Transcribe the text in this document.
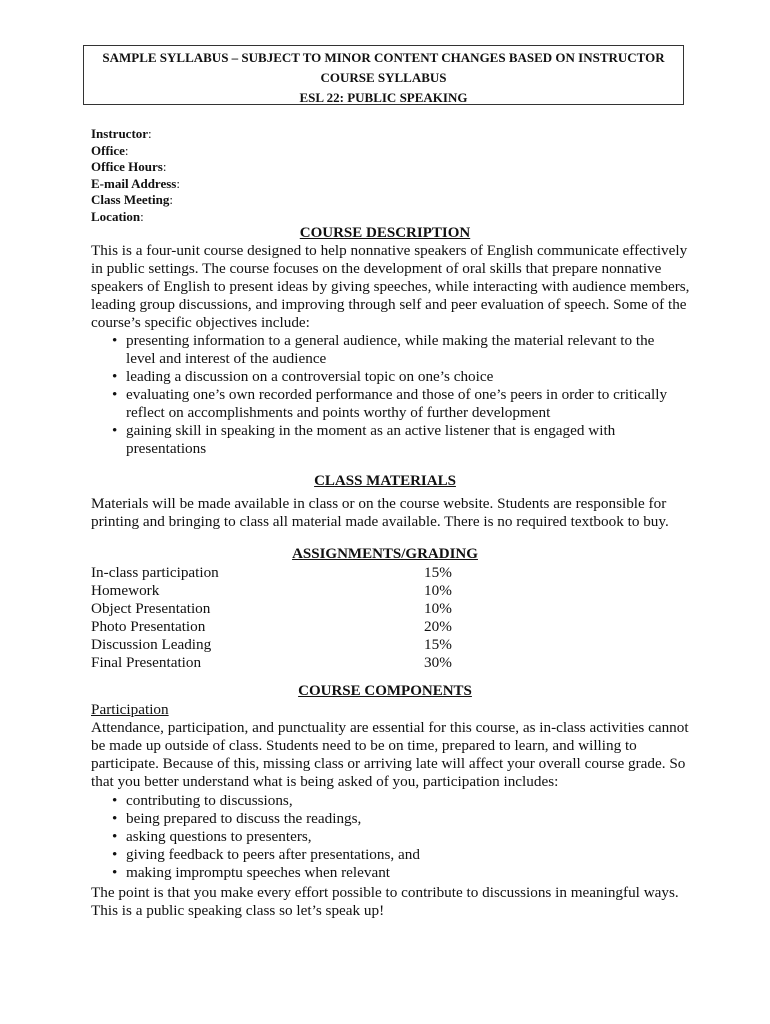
SAMPLE SYLLABUS – SUBJECT TO MINOR CONTENT CHANGES BASED ON INSTRUCTOR
COURSE SYLLABUS
ESL 22: PUBLIC SPEAKING
Instructor:
Office:
Office Hours:
E-mail Address:
Class Meeting:
Location:
COURSE DESCRIPTION

This is a four-unit course designed to help nonnative speakers of English communicate effectively in public settings. The course focuses on the development of oral skills that prepare nonnative speakers of English to present ideas by giving speeches, while interacting with audience members, leading group discussions, and improving through self and peer evaluation of speech. Some of the course’s specific objectives include:

• presenting information to a general audience, while making the material relevant to the level and interest of the audience
• leading a discussion on a controversial topic on one’s choice
• evaluating one’s own recorded performance and those of one’s peers in order to critically reflect on accomplishments and points worthy of further development
• gaining skill in speaking in the moment as an active listener that is engaged with presentations
CLASS MATERIALS

Materials will be made available in class or on the course website. Students are responsible for printing and bringing to class all material made available. There is no required textbook to buy.

ASSIGNMENTS/GRADING
In-class participation	15%
Homework	10%
Object Presentation	10%
Photo Presentation	20%
Discussion Leading	15%
Final Presentation	30%
COURSE COMPONENTS
Participation

Attendance, participation, and punctuality are essential for this course, as in-class activities cannot be made up outside of class. Students need to be on time, prepared to learn, and willing to participate. Because of this, missing class or arriving late will affect your overall course grade. So that you better understand what is being asked of you, participation includes:

• contributing to discussions,
• being prepared to discuss the readings,
• asking questions to presenters,
• giving feedback to peers after presentations, and
• making impromptu speeches when relevant

The point is that you make every effort possible to contribute to discussions in meaningful ways. This is a public speaking class so let’s speak up!
